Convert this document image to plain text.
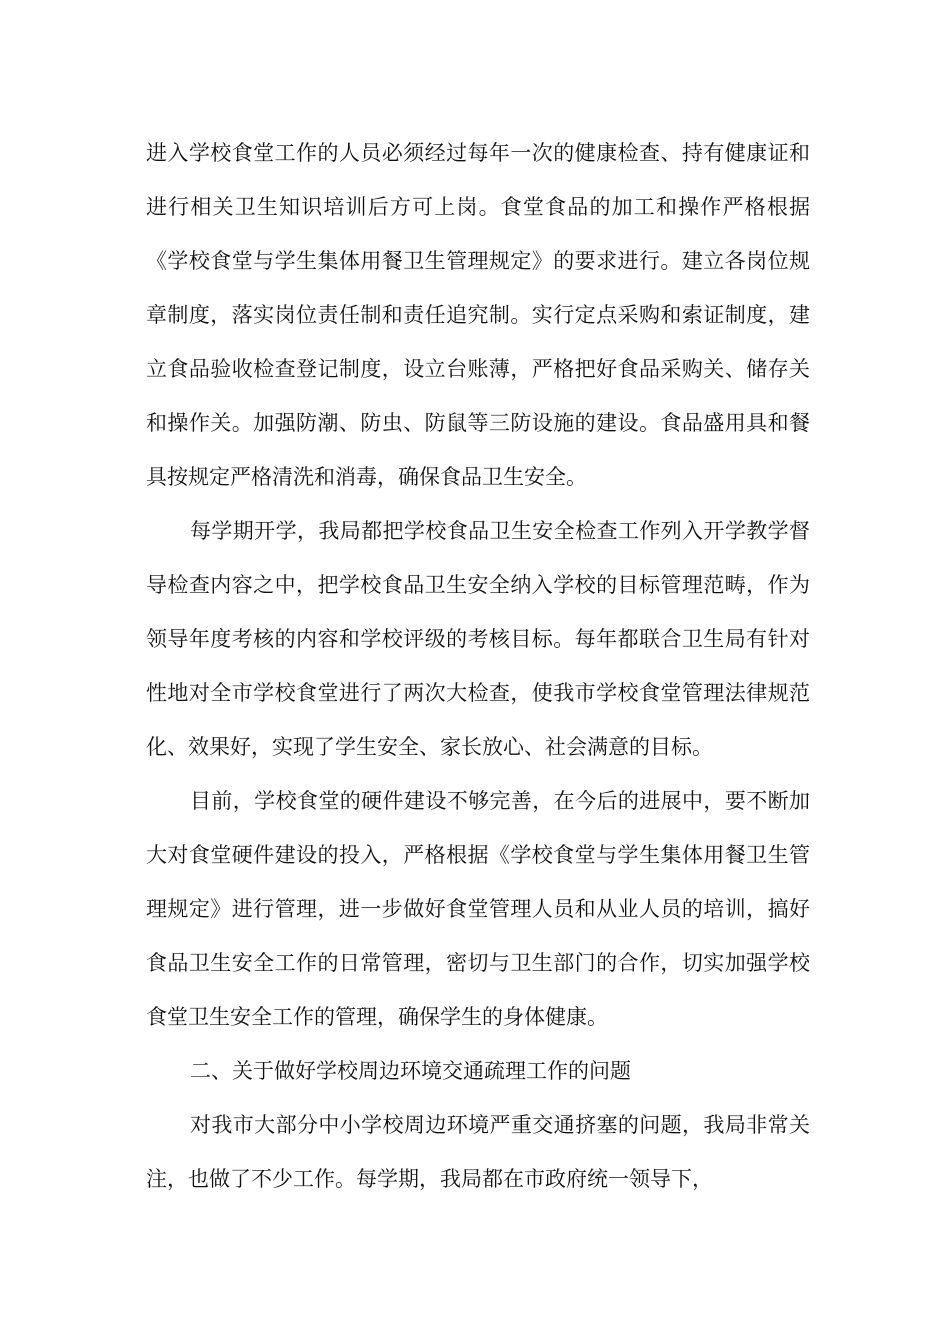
进入学校食堂工作的人员必须经过每年一次的健康检查、持有健康证和进行相关卫生知识培训后方可上岗。食堂食品的加工和操作严格根据《学校食堂与学生集体用餐卫生管理规定》的要求进行。建立各岗位规章制度，落实岗位责任制和责任追究制。实行定点采购和索证制度，建立食品验收检查登记制度，设立台账薄，严格把好食品采购关、储存关和操作关。加强防潮、防虫、防鼠等三防设施的建设。食品盛用具和餐具按规定严格清洗和消毒，确保食品卫生安全。

每学期开学，我局都把学校食品卫生安全检查工作列入开学教学督导检查内容之中，把学校食品卫生安全纳入学校的目标管理范畴，作为领导年度考核的内容和学校评级的考核目标。每年都联合卫生局有针对性地对全市学校食堂进行了两次大检查，使我市学校食堂管理法律规范化、效果好，实现了学生安全、家长放心、社会满意的目标。

目前，学校食堂的硬件建设不够完善，在今后的进展中，要不断加大对食堂硬件建设的投入，严格根据《学校食堂与学生集体用餐卫生管理规定》进行管理，进一步做好食堂管理人员和从业人员的培训，搞好食品卫生安全工作的日常管理，密切与卫生部门的合作，切实加强学校食堂卫生安全工作的管理，确保学生的身体健康。

二、关于做好学校周边环境交通疏理工作的问题

对我市大部分中小学校周边环境严重交通挤塞的问题，我局非常关注，也做了不少工作。每学期，我局都在市政府统一领导下，
